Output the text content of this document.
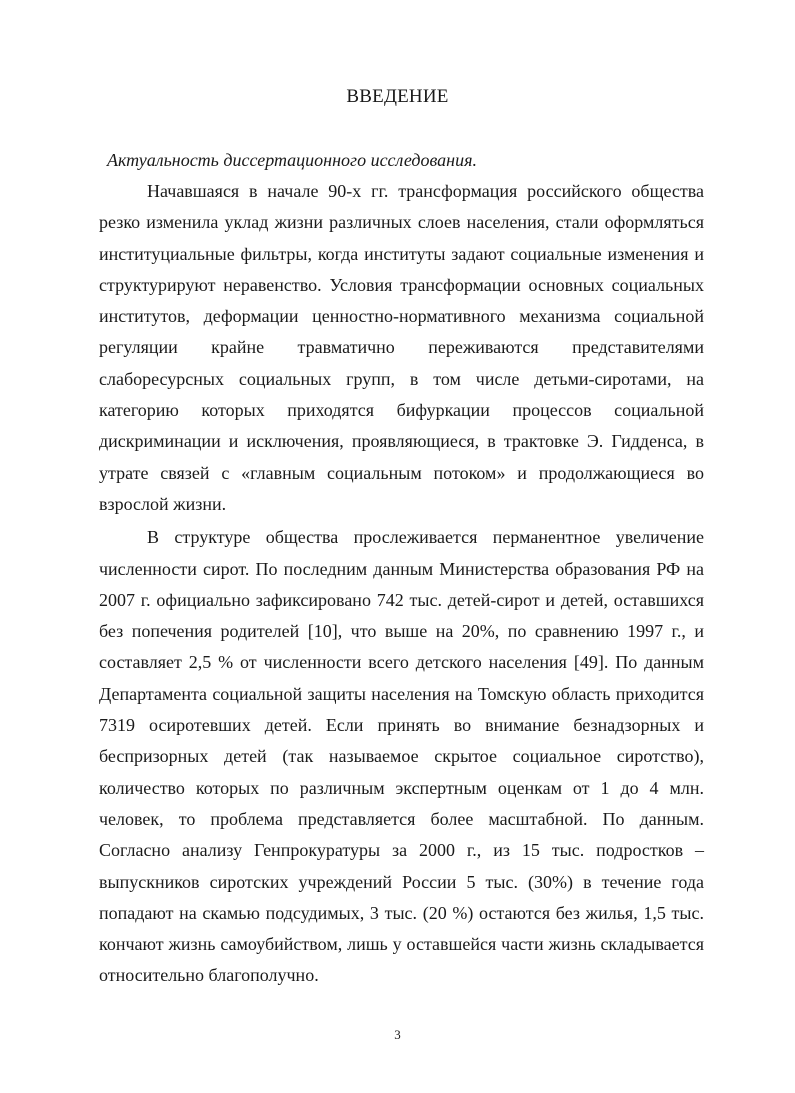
ВВЕДЕНИЕ
Актуальность диссертационного исследования.

Начавшаяся в начале 90-х гг. трансформация российского общества резко изменила уклад жизни различных слоев населения, стали оформляться институциальные фильтры, когда институты задают социальные изменения и структурируют неравенство. Условия трансформации основных социальных институтов, деформации ценностно-нормативного механизма социальной регуляции крайне травматично переживаются представителями слаборесурсных социальных групп, в том числе детьми-сиротами, на категорию которых приходятся бифуркации процессов социальной дискриминации и исключения, проявляющиеся, в трактовке Э. Гидденса, в утрате связей с «главным социальным потоком» и продолжающиеся во взрослой жизни.

В структуре общества прослеживается перманентное увеличение численности сирот. По последним данным Министерства образования РФ на 2007 г. официально зафиксировано 742 тыс. детей-сирот и детей, оставшихся без попечения родителей [10], что выше на 20%, по сравнению 1997 г., и составляет 2,5 % от численности всего детского населения [49]. По данным Департамента социальной защиты населения на Томскую область приходится 7319 осиротевших детей. Если принять во внимание безнадзорных и беспризорных детей (так называемое скрытое социальное сиротство), количество которых по различным экспертным оценкам от 1 до 4 млн. человек, то проблема представляется более масштабной. По данным. Согласно анализу Генпрокуратуры за 2000 г., из 15 тыс. подростков – выпускников сиротских учреждений России 5 тыс. (30%) в течение года попадают на скамью подсудимых, 3 тыс. (20 %) остаются без жилья, 1,5 тыс. кончают жизнь самоубийством, лишь у оставшейся части жизнь складывается относительно благополучно.

3
